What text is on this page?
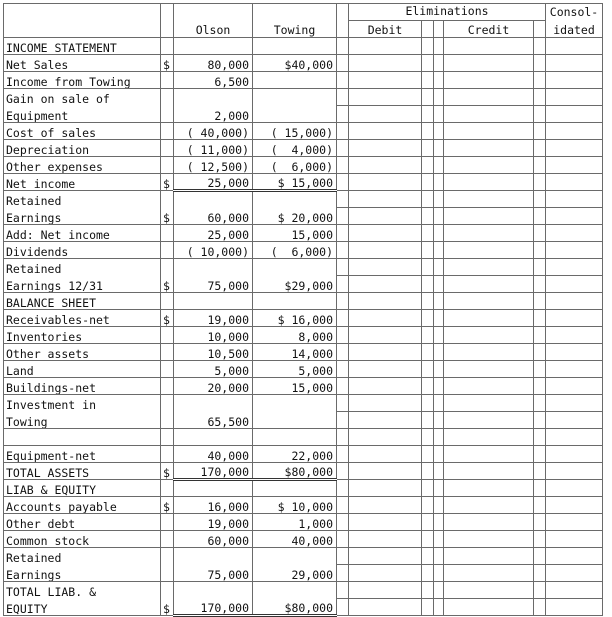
					Eliminations					Consol-
		Olson	Towing		Debit			Credit		idated
INCOME STATEMENT										
Net Sales	$	80,000	$40,000							
Income from Towing		6,500								
Gain on sale of										
Equipment		2,000								
Cost of sales		( 40,000)	( 15,000)							
Depreciation		( 11,000)	(  4,000)							
Other expenses		( 12,500)	(  6,000)							
Net income	$	25,000	$ 15,000							
Retained										
Earnings	$	60,000	$ 20,000							
Add: Net income		25,000	15,000							
Dividends		( 10,000)	(  6,000)							
Retained										
Earnings 12/31	$	75,000	$29,000							
BALANCE SHEET										
Receivables-net	$	19,000	$ 16,000							
Inventories		10,000	8,000							
Other assets		10,500	14,000							
Land		5,000	5,000							
Buildings-net		20,000	15,000							
Investment in										
Towing		65,500								

Equipment-net		40,000	22,000							
TOTAL ASSETS	$	170,000	$80,000							
LIAB & EQUITY										
Accounts payable	$	16,000	$ 10,000							
Other debt		19,000	1,000							
Common stock		60,000	40,000							
Retained										
Earnings		75,000	29,000							
TOTAL LIAB. &										
EQUITY	$	170,000	$80,000							
